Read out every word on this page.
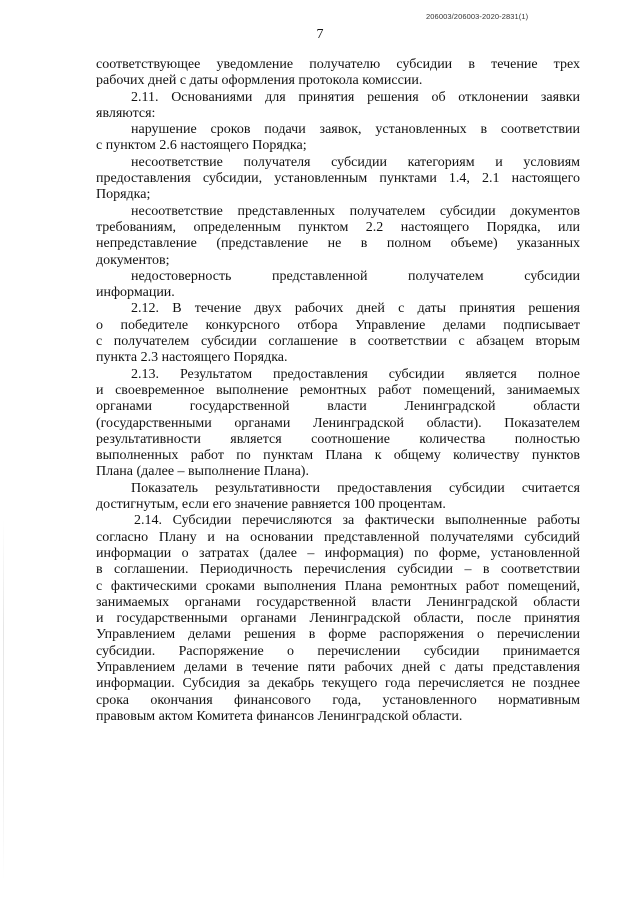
206003/206003-2020-2831(1)
7

соответствующее уведомление получателю субсидии в течение трех

рабочих дней с даты оформления протокола комиссии.

2.11. Основаниями для принятия решения об отклонении заявки

являются:

нарушение сроков подачи заявок, установленных в соответствии

с пунктом 2.6 настоящего Порядка;

несоответствие получателя субсидии категориям и условиям

предоставления субсидии, установленным пунктами 1.4, 2.1 настоящего

Порядка;

несоответствие представленных получателем субсидии документов

требованиям, определенным пунктом 2.2 настоящего Порядка, или

непредставление (представление не в полном объеме) указанных

документов;

недостоверность представленной получателем субсидии

информации.

2.12. В течение двух рабочих дней с даты принятия решения

о победителе конкурсного отбора Управление делами подписывает

с получателем субсидии соглашение в соответствии с абзацем вторым

пункта 2.3 настоящего Порядка.

2.13. Результатом предоставления субсидии является полное

и своевременное выполнение ремонтных работ помещений, занимаемых

органами государственной власти Ленинградской области

(государственными органами Ленинградской области). Показателем

результативности является соотношение количества полностью

выполненных работ по пунктам Плана к общему количеству пунктов

Плана (далее – выполнение Плана).

Показатель результативности предоставления субсидии считается

достигнутым, если его значение равняется 100 процентам.

2.14. Субсидии перечисляются за фактически выполненные работы

согласно Плану и на основании представленной получателями субсидий

информации о затратах (далее – информация) по форме, установленной

в соглашении. Периодичность перечисления субсидии – в соответствии

с фактическими сроками выполнения Плана ремонтных работ помещений,

занимаемых органами государственной власти Ленинградской области

и государственными органами Ленинградской области, после принятия

Управлением делами решения в форме распоряжения о перечислении

субсидии. Распоряжение о перечислении субсидии принимается

Управлением делами в течение пяти рабочих дней с даты представления

информации. Субсидия за декабрь текущего года перечисляется не позднее

срока окончания финансового года, установленного нормативным

правовым актом Комитета финансов Ленинградской области.
